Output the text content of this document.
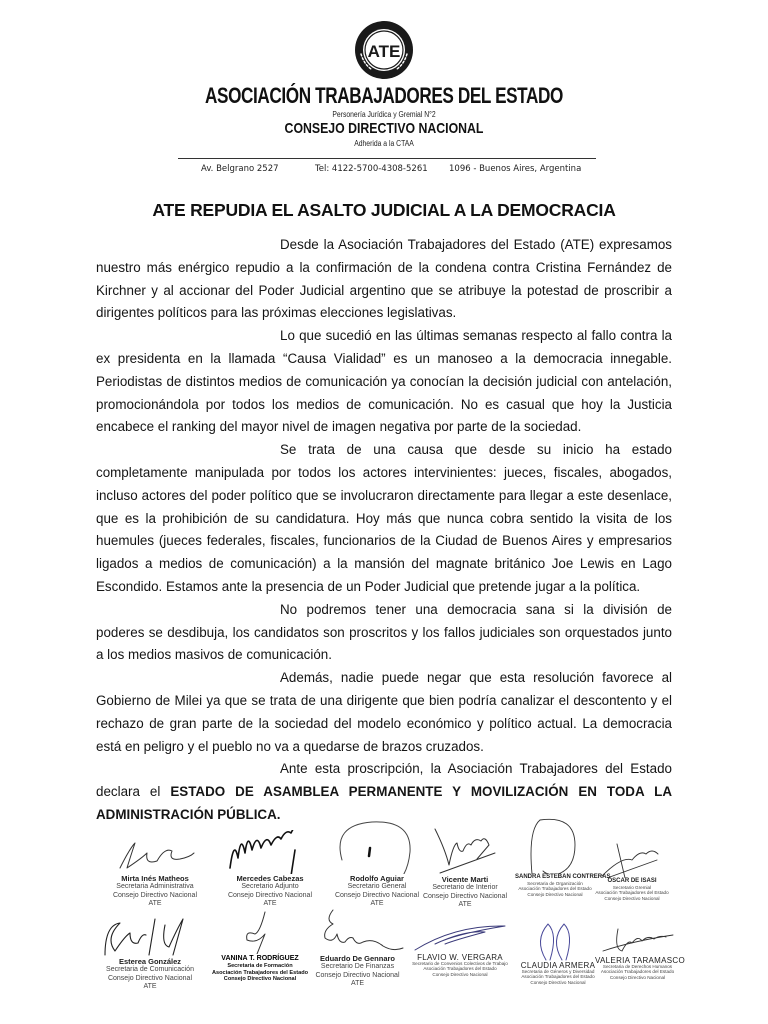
ATE
ASOCIACIÓN TRABAJADORES DEL ESTADO
Personería Jurídica y Gremial N°2
CONSEJO DIRECTIVO NACIONAL
Adherida a la CTAA
Av. Belgrano 2527	Tel: 4122-5700-4308-5261	1096 - Buenos Aires, Argentina
ATE REPUDIA EL ASALTO JUDICIAL A LA DEMOCRACIA

Desde la Asociación Trabajadores del Estado (ATE) expresamos nuestro más enérgico repudio a la confirmación de la condena contra Cristina Fernández de Kirchner y al accionar del Poder Judicial argentino que se atribuye la potestad de proscribir a dirigentes políticos para las próximas elecciones legislativas.

Lo que sucedió en las últimas semanas respecto al fallo contra la ex presidenta en la llamada “Causa Vialidad” es un manoseo a la democracia innegable. Periodistas de distintos medios de comunicación ya conocían la decisión judicial con antelación, promocionándola por todos los medios de comunicación. No es casual que hoy la Justicia encabece el ranking del mayor nivel de imagen negativa por parte de la sociedad.

Se trata de una causa que desde su inicio ha estado completamente manipulada por todos los actores intervinientes: jueces, fiscales, abogados, incluso actores del poder político que se involucraron directamente para llegar a este desenlace, que es la prohibición de su candidatura. Hoy más que nunca cobra sentido la visita de los huemules (jueces federales, fiscales, funcionarios de la Ciudad de Buenos Aires y empresarios ligados a medios de comunicación) a la mansión del magnate británico Joe Lewis en Lago Escondido. Estamos ante la presencia de un Poder Judicial que pretende jugar a la política.

No podremos tener una democracia sana si la división de poderes se desdibuja, los candidatos son proscritos y los fallos judiciales son orquestados junto a los medios masivos de comunicación.

Además, nadie puede negar que esta resolución favorece al Gobierno de Milei ya que se trata de una dirigente que bien podría canalizar el descontento y el rechazo de gran parte de la sociedad del modelo económico y político actual. La democracia está en peligro y el pueblo no va a quedarse de brazos cruzados.

Ante esta proscripción, la Asociación Trabajadores del Estado declara el ESTADO DE ASAMBLEA PERMANENTE Y MOVILIZACIÓN EN TODA LA ADMINISTRACIÓN PÚBLICA.

Mirta Inés Matheos
Secretaria Administrativa
Consejo Directivo Nacional
ATE
Mercedes Cabezas
Secretario Adjunto
Consejo Directivo Nacional
ATE
Rodolfo Aguiar
Secretario General
Consejo Directivo Nacional
ATE
Vicente Marti
Secretario de Interior
Consejo Directivo Nacional
ATE
SANDRA ESTEBAN CONTRERAS
Secretaria de Organización
Asociación Trabajadores del Estado
Consejo Directivo Nacional
OSCAR DE ISASI
Secretario Gremial
Asociación Trabajadores del Estado
Consejo Directivo Nacional
Esterea González
Secretaria de Comunicación
Consejo Directivo Nacional
ATE
VANINA T. RODRÍGUEZ
Secretaria de Formación
Asociación Trabajadores del Estado
Consejo Directivo Nacional
Eduardo De Gennaro
Secretario De Finanzas
Consejo Directivo Nacional
ATE
FLAVIO W. VERGARA
Secretario de Convenios Colectivos de Trabajo
Asociación Trabajadores del Estado
Consejo Directivo Nacional
CLAUDIA ARMERA
Secretaria de Géneros y Diversidad
Asociación Trabajadores del Estado
Consejo Directivo Nacional
VALERIA TARAMASCO
Secretaria de Derechos Humanos
Asociación Trabajadores del Estado
Consejo Directivo Nacional
